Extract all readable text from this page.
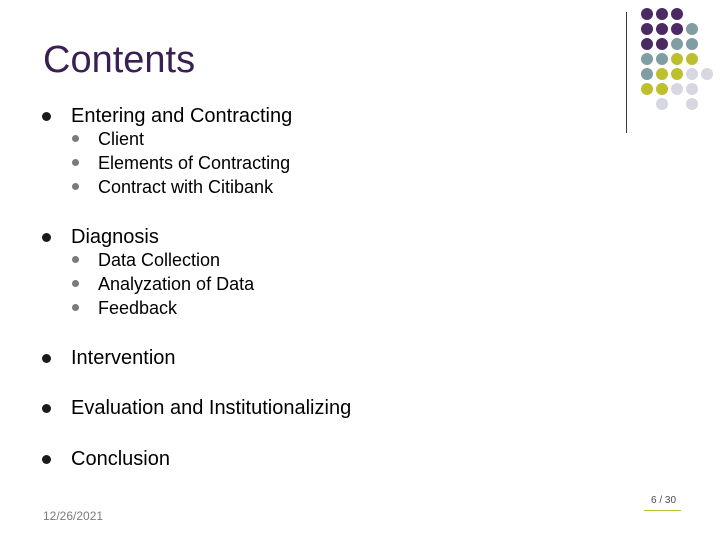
Contents
Entering and Contracting
Client
Elements of Contracting
Contract with Citibank
Diagnosis
Data Collection
Analyzation of Data
Feedback
Intervention
Evaluation and Institutionalizing
Conclusion
6 / 30
12/26/2021
